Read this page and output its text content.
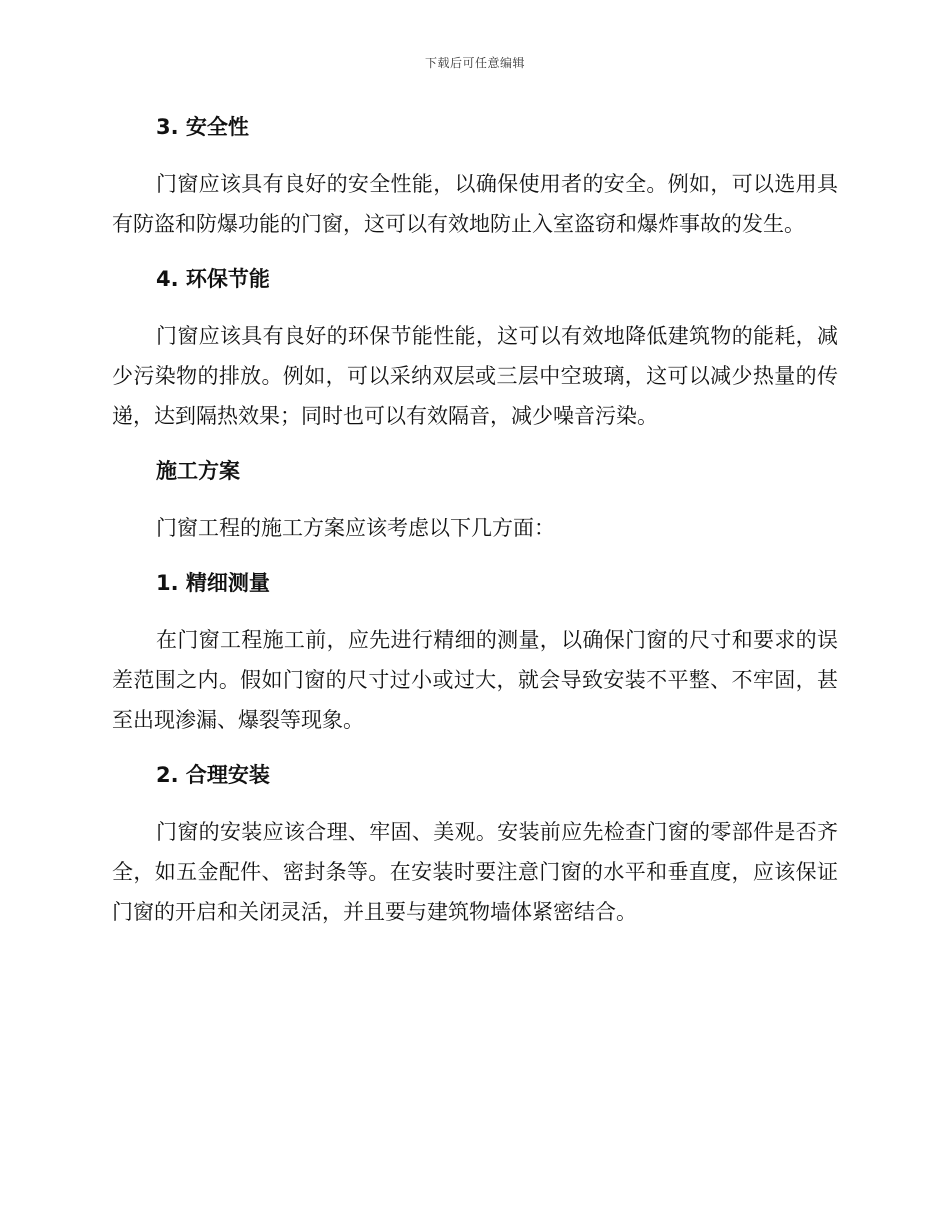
下载后可任意编辑

3. 安全性

门窗应该具有良好的安全性能，以确保使用者的安全。例如，可以选用具有防盗和防爆功能的门窗，这可以有效地防止入室盗窃和爆炸事故的发生。

4. 环保节能

门窗应该具有良好的环保节能性能，这可以有效地降低建筑物的能耗，减少污染物的排放。例如，可以采纳双层或三层中空玻璃，这可以减少热量的传递，达到隔热效果；同时也可以有效隔音，减少噪音污染。

施工方案

门窗工程的施工方案应该考虑以下几方面：

1. 精细测量

在门窗工程施工前，应先进行精细的测量，以确保门窗的尺寸和要求的误差范围之内。假如门窗的尺寸过小或过大，就会导致安装不平整、不牢固，甚至出现渗漏、爆裂等现象。

2. 合理安装

门窗的安装应该合理、牢固、美观。安装前应先检查门窗的零部件是否齐全，如五金配件、密封条等。在安装时要注意门窗的水平和垂直度，应该保证门窗的开启和关闭灵活，并且要与建筑物墙体紧密结合。
